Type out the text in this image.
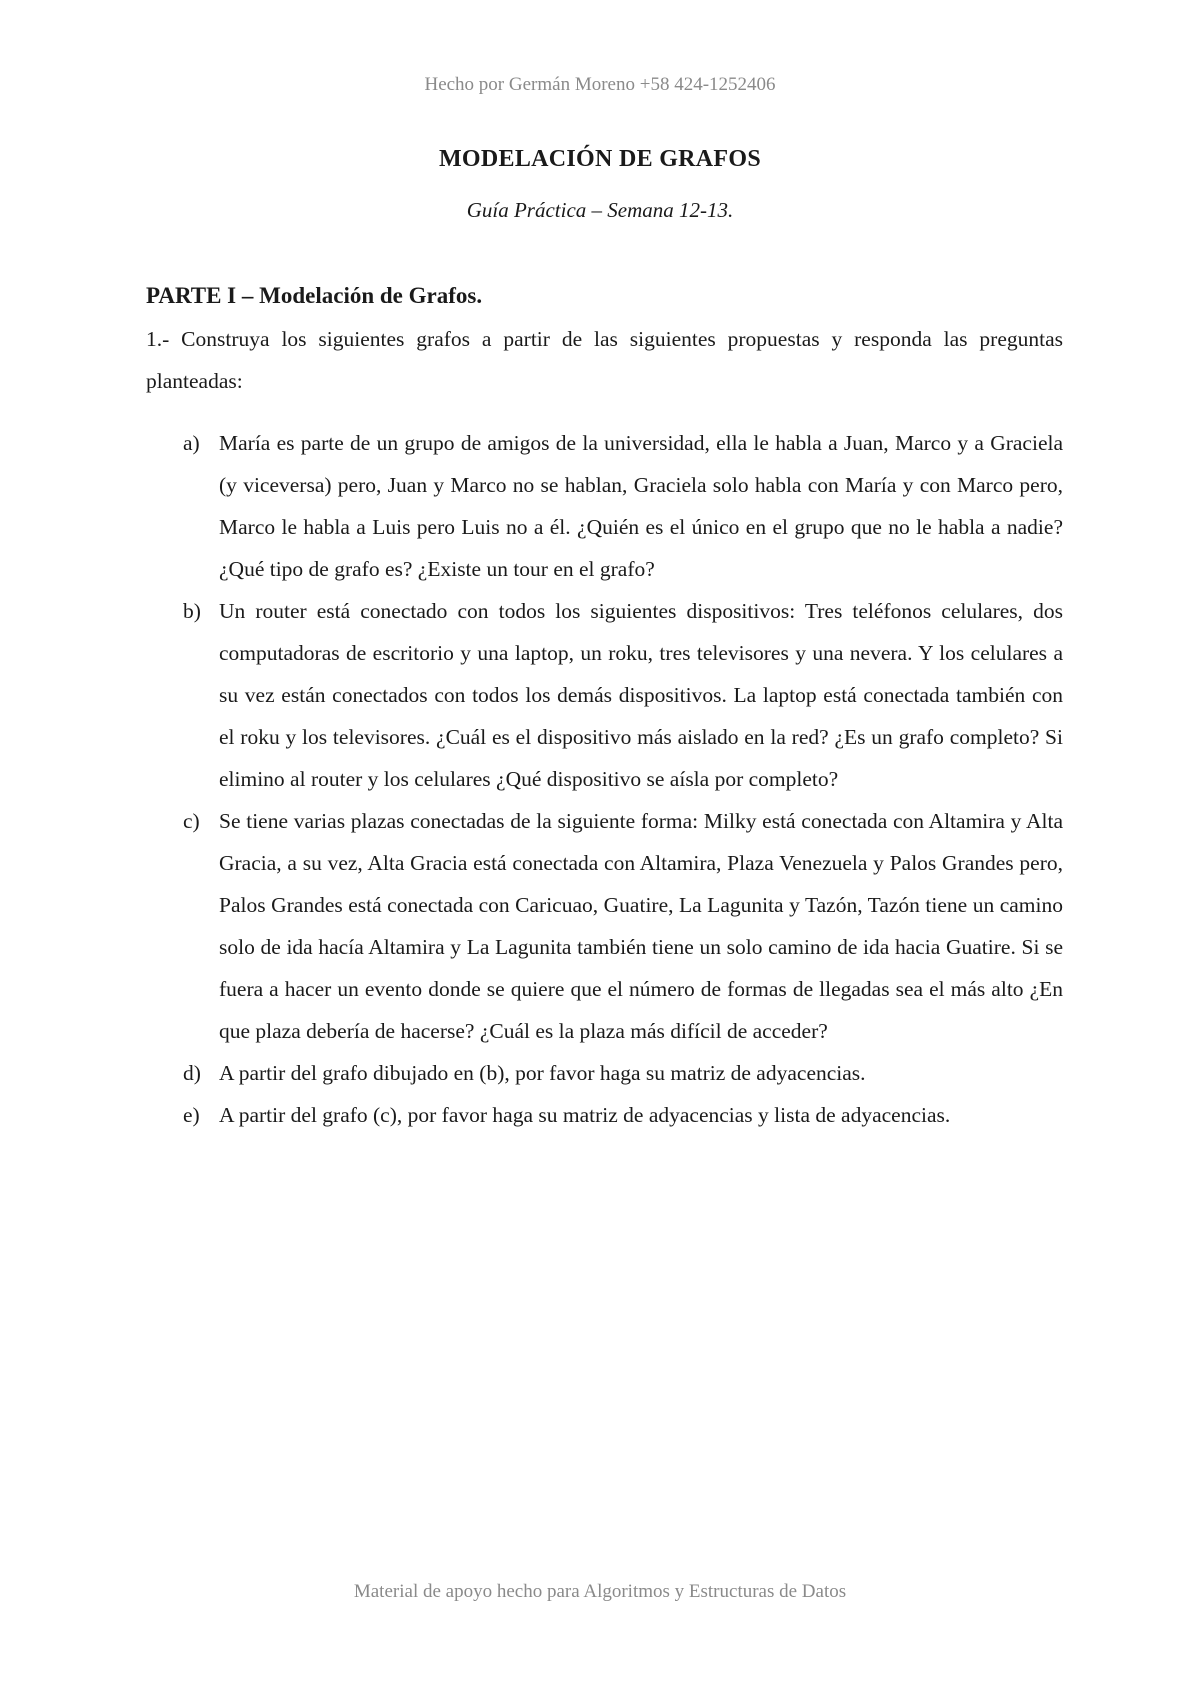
Hecho por Germán Moreno +58 424-1252406
MODELACIÓN DE GRAFOS
Guía Práctica – Semana 12-13.
PARTE I – Modelación de Grafos.

1.- Construya los siguientes grafos a partir de las siguientes propuestas y responda las preguntas planteadas:

a) María es parte de un grupo de amigos de la universidad, ella le habla a Juan, Marco y a Graciela (y viceversa) pero, Juan y Marco no se hablan, Graciela solo habla con María y con Marco pero, Marco le habla a Luis pero Luis no a él. ¿Quién es el único en el grupo que no le habla a nadie? ¿Qué tipo de grafo es? ¿Existe un tour en el grafo?
b) Un router está conectado con todos los siguientes dispositivos: Tres teléfonos celulares, dos computadoras de escritorio y una laptop, un roku, tres televisores y una nevera. Y los celulares a su vez están conectados con todos los demás dispositivos. La laptop está conectada también con el roku y los televisores. ¿Cuál es el dispositivo más aislado en la red? ¿Es un grafo completo? Si elimino al router y los celulares ¿Qué dispositivo se aísla por completo?
c) Se tiene varias plazas conectadas de la siguiente forma: Milky está conectada con Altamira y Alta Gracia, a su vez, Alta Gracia está conectada con Altamira, Plaza Venezuela y Palos Grandes pero, Palos Grandes está conectada con Caricuao, Guatire, La Lagunita y Tazón, Tazón tiene un camino solo de ida hacía Altamira y La Lagunita también tiene un solo camino de ida hacia Guatire. Si se fuera a hacer un evento donde se quiere que el número de formas de llegadas sea el más alto ¿En que plaza debería de hacerse? ¿Cuál es la plaza más difícil de acceder?
d) A partir del grafo dibujado en (b), por favor haga su matriz de adyacencias.
e) A partir del grafo (c), por favor haga su matriz de adyacencias y lista de adyacencias.
Material de apoyo hecho para Algoritmos y Estructuras de Datos
